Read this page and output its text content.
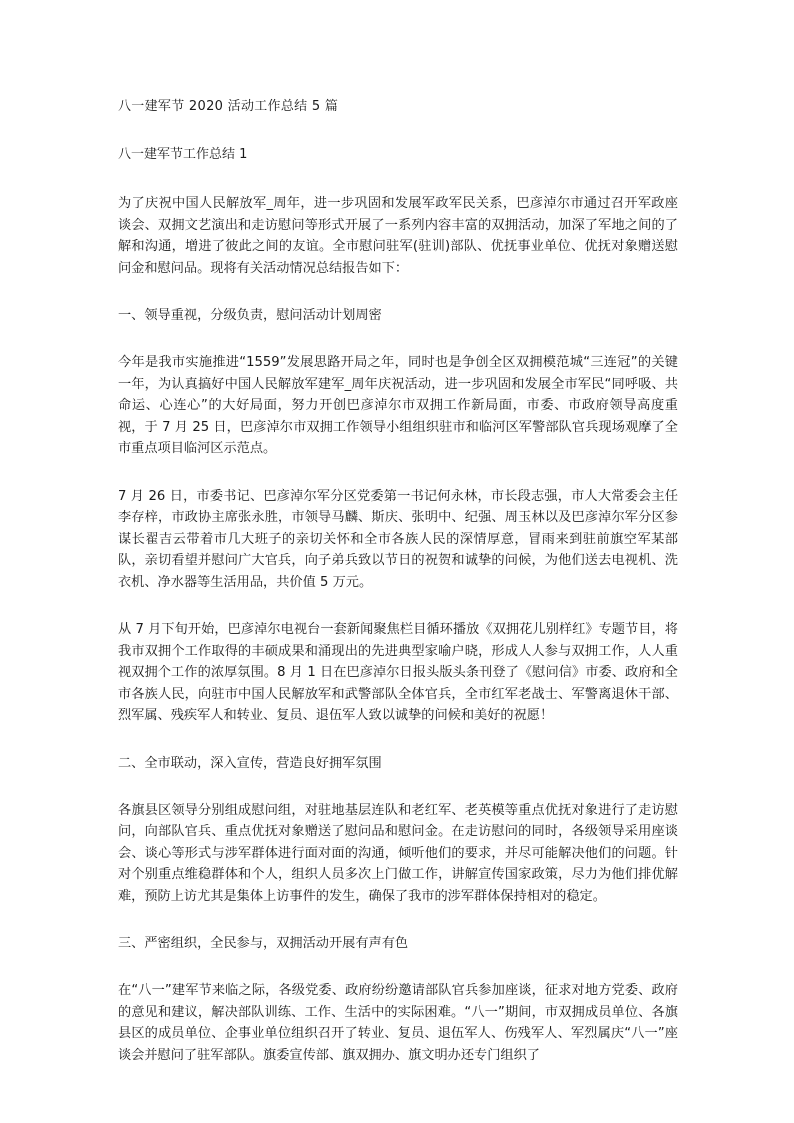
八一建军节 2020 活动工作总结 5 篇
八一建军节工作总结 1
为了庆祝中国人民解放军_周年，进一步巩固和发展军政军民关系，巴彦淖尔市通过召开军政座谈会、双拥文艺演出和走访慰问等形式开展了一系列内容丰富的双拥活动，加深了军地之间的了解和沟通，增进了彼此之间的友谊。全市慰问驻军(驻训)部队、优抚事业单位、优抚对象赠送慰问金和慰问品。现将有关活动情况总结报告如下：
一、领导重视，分级负责，慰问活动计划周密
今年是我市实施推进“1559”发展思路开局之年，同时也是争创全区双拥模范城“三连冠”的关键一年，为认真搞好中国人民解放军建军_周年庆祝活动，进一步巩固和发展全市军民“同呼吸、共命运、心连心”的大好局面，努力开创巴彦淖尔市双拥工作新局面，市委、市政府领导高度重视，于 7 月 25 日，巴彦淖尔市双拥工作领导小组组织驻市和临河区军警部队官兵现场观摩了全市重点项目临河区示范点。
7 月 26 日，市委书记、巴彦淖尔军分区党委第一书记何永林，市长段志强，市人大常委会主任李存梓，市政协主席张永胜，市领导马麟、斯庆、张明中、纪强、周玉林以及巴彦淖尔军分区参谋长翟吉云带着市几大班子的亲切关怀和全市各族人民的深情厚意，冒雨来到驻前旗空军某部队，亲切看望并慰问广大官兵，向子弟兵致以节日的祝贺和诚挚的问候，为他们送去电视机、洗衣机、净水器等生活用品，共价值 5 万元。
从 7 月下旬开始，巴彦淖尔电视台一套新闻聚焦栏目循环播放《双拥花儿别样红》专题节目，将我市双拥个工作取得的丰硕成果和涌现出的先进典型家喻户晓，形成人人参与双拥工作，人人重视双拥个工作的浓厚氛围。8 月 1 日在巴彦淖尔日报头版头条刊登了《慰问信》市委、政府和全市各族人民，向驻市中国人民解放军和武警部队全体官兵，全市红军老战士、军警离退休干部、烈军属、残疾军人和转业、复员、退伍军人致以诚挚的问候和美好的祝愿！
二、全市联动，深入宣传，营造良好拥军氛围
各旗县区领导分别组成慰问组，对驻地基层连队和老红军、老英模等重点优抚对象进行了走访慰问，向部队官兵、重点优抚对象赠送了慰问品和慰问金。在走访慰问的同时，各级领导采用座谈会、谈心等形式与涉军群体进行面对面的沟通，倾听他们的要求，并尽可能解决他们的问题。针对个别重点维稳群体和个人，组织人员多次上门做工作，讲解宣传国家政策，尽力为他们排优解难，预防上访尤其是集体上访事件的发生，确保了我市的涉军群体保持相对的稳定。
三、严密组织，全民参与，双拥活动开展有声有色
在“八一”建军节来临之际，各级党委、政府纷纷邀请部队官兵参加座谈，征求对地方党委、政府的意见和建议，解决部队训练、工作、生活中的实际困难。“八一”期间，市双拥成员单位、各旗县区的成员单位、企事业单位组织召开了转业、复员、退伍军人、伤残军人、军烈属庆“八一”座谈会并慰问了驻军部队。旗委宣传部、旗双拥办、旗文明办还专门组织了
